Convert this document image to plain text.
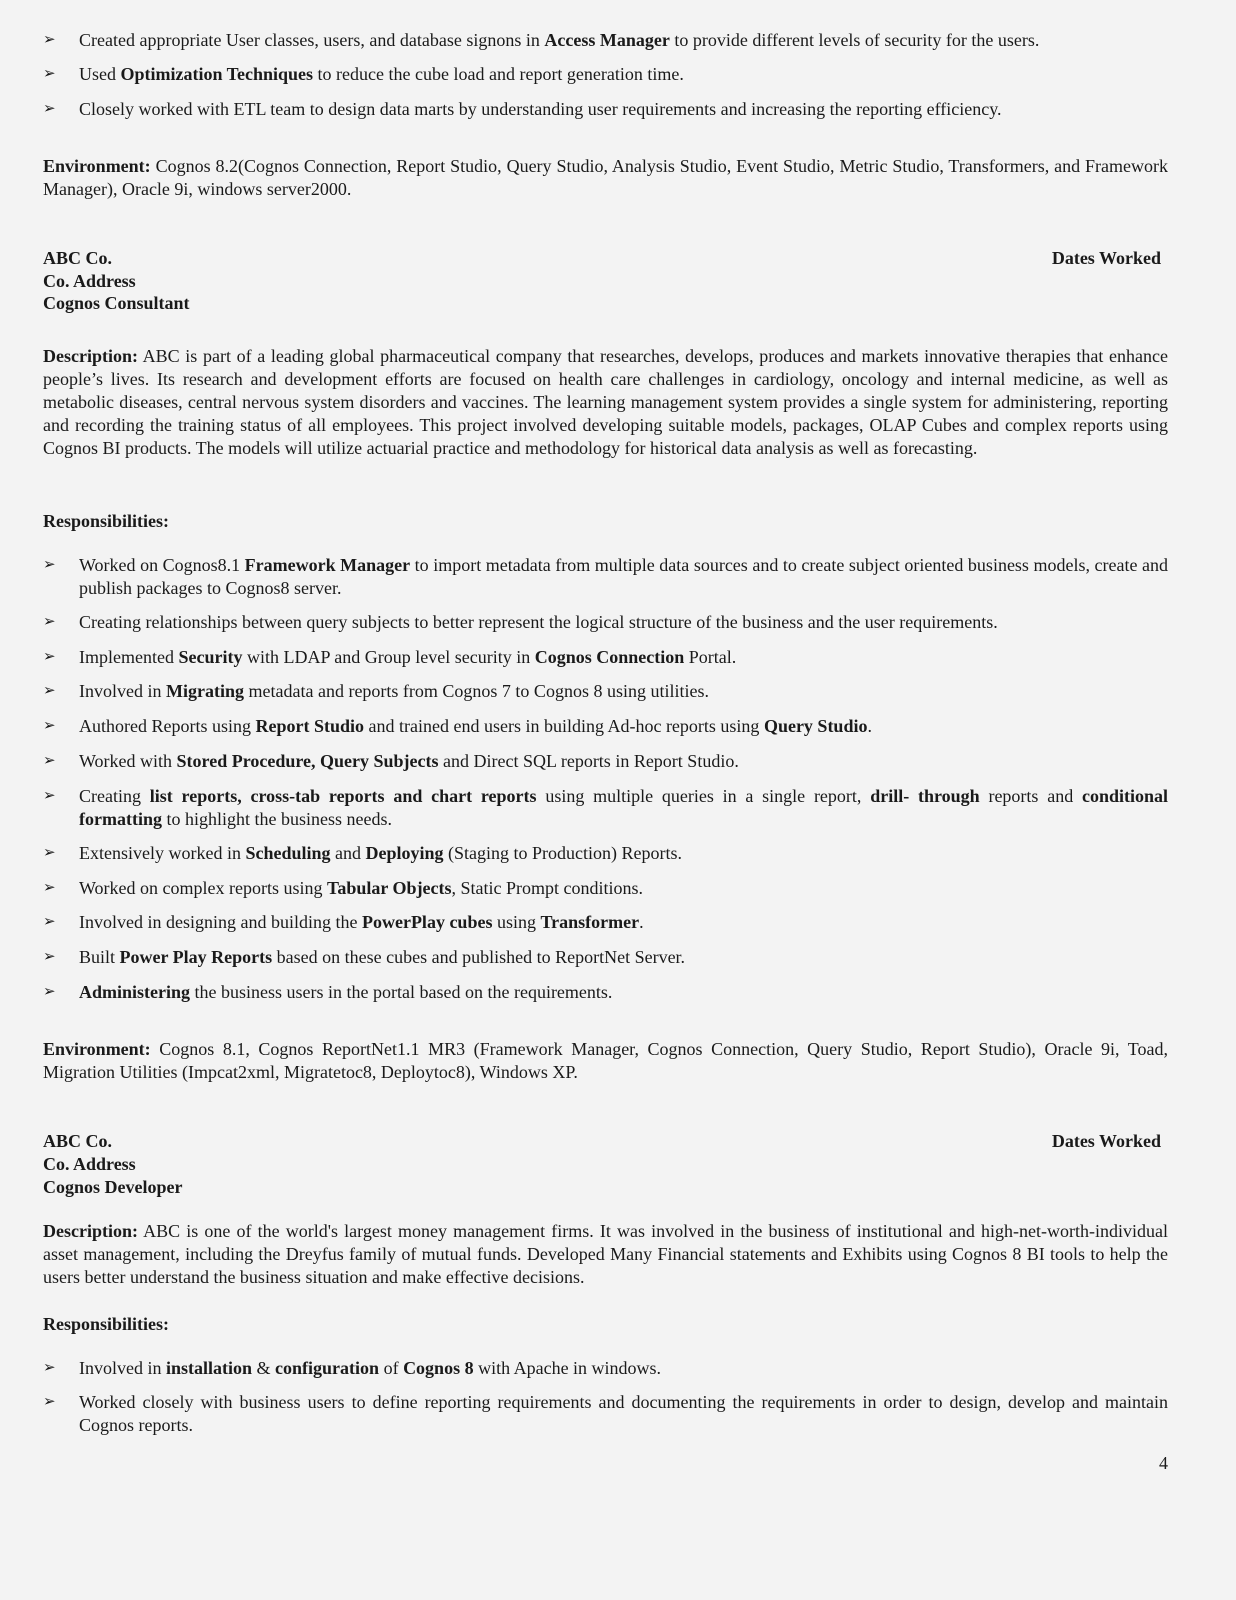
➢ Created appropriate User classes, users, and database signons in Access Manager to provide different levels of security for the users.
➢ Used Optimization Techniques to reduce the cube load and report generation time.
➢ Closely worked with ETL team to design data marts by understanding user requirements and increasing the reporting efficiency.
Environment: Cognos 8.2(Cognos Connection, Report Studio, Query Studio, Analysis Studio, Event Studio, Metric Studio, Transformers, and Framework Manager), Oracle 9i, windows server2000.
ABC Co.	Dates Worked
Co. Address
Cognos Consultant
Description: ABC is part of a leading global pharmaceutical company that researches, develops, produces and markets innovative therapies that enhance people’s lives. Its research and development efforts are focused on health care challenges in cardiology, oncology and internal medicine, as well as metabolic diseases, central nervous system disorders and vaccines. The learning management system provides a single system for administering, reporting and recording the training status of all employees. This project involved developing suitable models, packages, OLAP Cubes and complex reports using Cognos BI products. The models will utilize actuarial practice and methodology for historical data analysis as well as forecasting.
Responsibilities:
➢ Worked on Cognos8.1 Framework Manager to import metadata from multiple data sources and to create subject oriented business models, create and publish packages to Cognos8 server.
➢ Creating relationships between query subjects to better represent the logical structure of the business and the user requirements.
➢ Implemented Security with LDAP and Group level security in Cognos Connection Portal.
➢ Involved in Migrating metadata and reports from Cognos 7 to Cognos 8 using utilities.
➢ Authored Reports using Report Studio and trained end users in building Ad-hoc reports using Query Studio.
➢ Worked with Stored Procedure, Query Subjects and Direct SQL reports in Report Studio.
➢ Creating list reports, cross-tab reports and chart reports using multiple queries in a single report, drill- through reports and conditional formatting to highlight the business needs.
➢ Extensively worked in Scheduling and Deploying (Staging to Production) Reports.
➢ Worked on complex reports using Tabular Objects, Static Prompt conditions.
➢ Involved in designing and building the PowerPlay cubes using Transformer.
➢ Built Power Play Reports based on these cubes and published to ReportNet Server.
➢ Administering the business users in the portal based on the requirements.
Environment: Cognos 8.1, Cognos ReportNet1.1 MR3 (Framework Manager, Cognos Connection, Query Studio, Report Studio), Oracle 9i, Toad, Migration Utilities (Impcat2xml, Migratetoc8, Deploytoc8), Windows XP.
ABC Co.	Dates Worked
Co. Address
Cognos Developer
Description: ABC is one of the world's largest money management firms. It was involved in the business of institutional and high-net-worth-individual asset management, including the Dreyfus family of mutual funds. Developed Many Financial statements and Exhibits using Cognos 8 BI tools to help the users better understand the business situation and make effective decisions.
Responsibilities:
➢ Involved in installation & configuration of Cognos 8 with Apache in windows.
➢ Worked closely with business users to define reporting requirements and documenting the requirements in order to design, develop and maintain Cognos reports.
4
